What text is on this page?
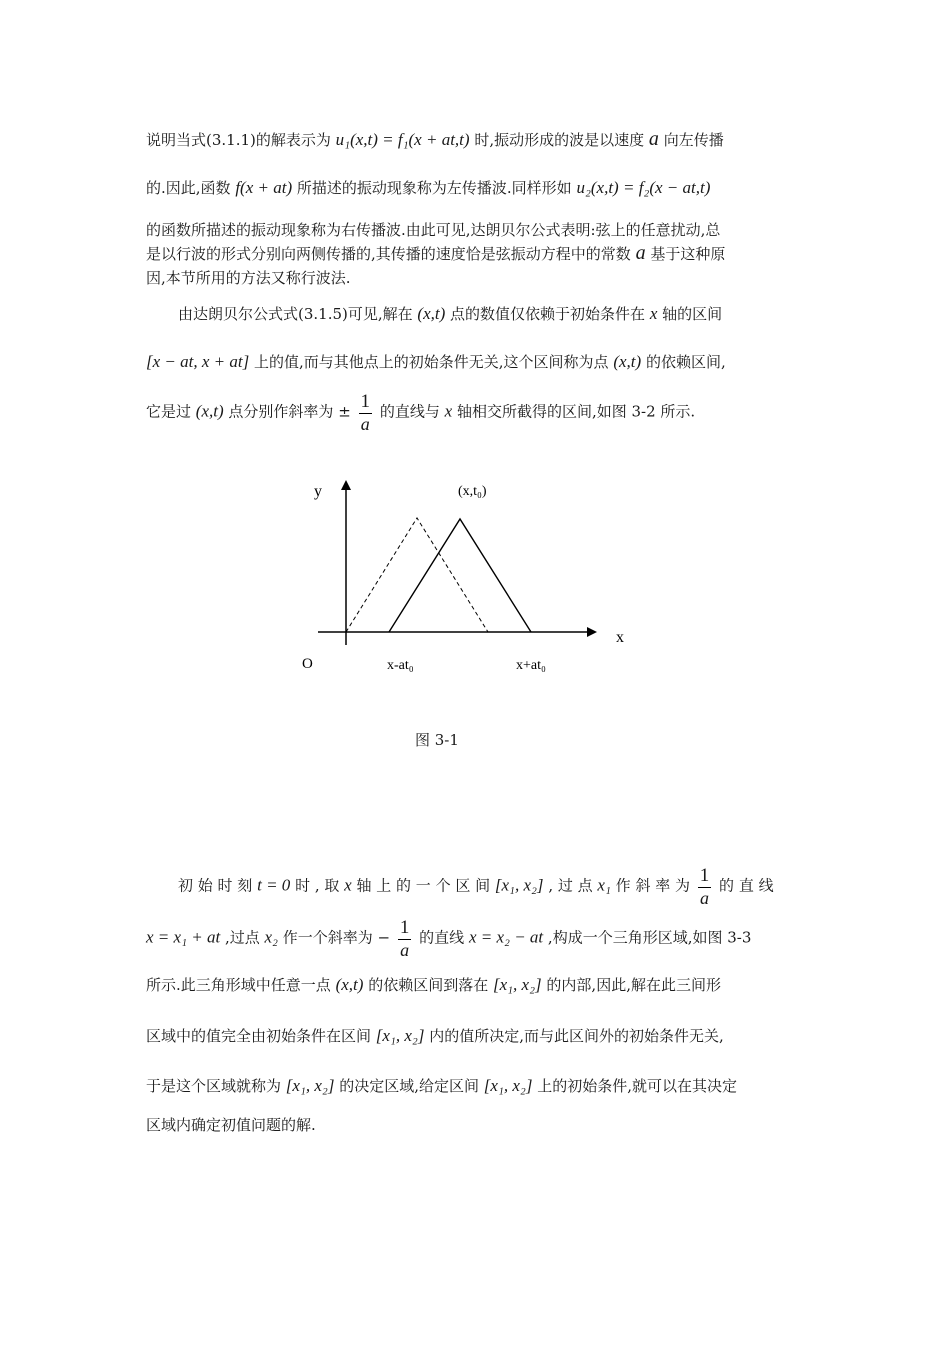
说明当式(3.1.1)的解表示为 u₁(x,t) = f₁(x + at,t) 时,振动形成的波是以速度 a 向左传播
的.因此,函数 f(x + at) 所描述的振动现象称为左传播波.同样形如 u₂(x,t) = f₂(x − at,t)
的函数所描述的振动现象称为右传播波.由此可见,达朗贝尔公式表明:弦上的任意扰动,总
是以行波的形式分别向两侧传播的,其传播的速度恰是弦振动方程中的常数 a 基于这种原
因,本节所用的方法又称行波法.
由达朗贝尔公式式(3.1.5)可见,解在 (x,t) 点的数值仅依赖于初始条件在 x 轴的区间
[x − at, x + at] 上的值,而与其他点上的初始条件无关,这个区间称为点 (x,t) 的依赖区间,
它是过 (x,t) 点分别作斜率为 ± $\frac{1}{a}$ 的直线与 x 轴相交所截得的区间,如图 3-2 所示.
y
x
O
(x,t₀)
x-at₀	x+at₀
图 3-1
初 始 时 刻 t = 0 时 , 取 x 轴 上 的 一 个 区 间 [x₁, x₂] , 过 点 x₁ 作 斜 率 为 $\frac{1}{a}$ 的 直 线
x = x₁ + at ,过点 x₂ 作一个斜率为 − $\frac{1}{a}$ 的直线 x = x₂ − at ,构成一个三角形区域,如图 3-3
所示.此三角形域中任意一点 (x,t) 的依赖区间到落在 [x₁, x₂] 的内部,因此,解在此三间形
区域中的值完全由初始条件在区间 [x₁, x₂] 内的值所决定,而与此区间外的初始条件无关,
于是这个区域就称为 [x₁, x₂] 的决定区域,给定区间 [x₁, x₂] 上的初始条件,就可以在其决定
区域内确定初值问题的解.
